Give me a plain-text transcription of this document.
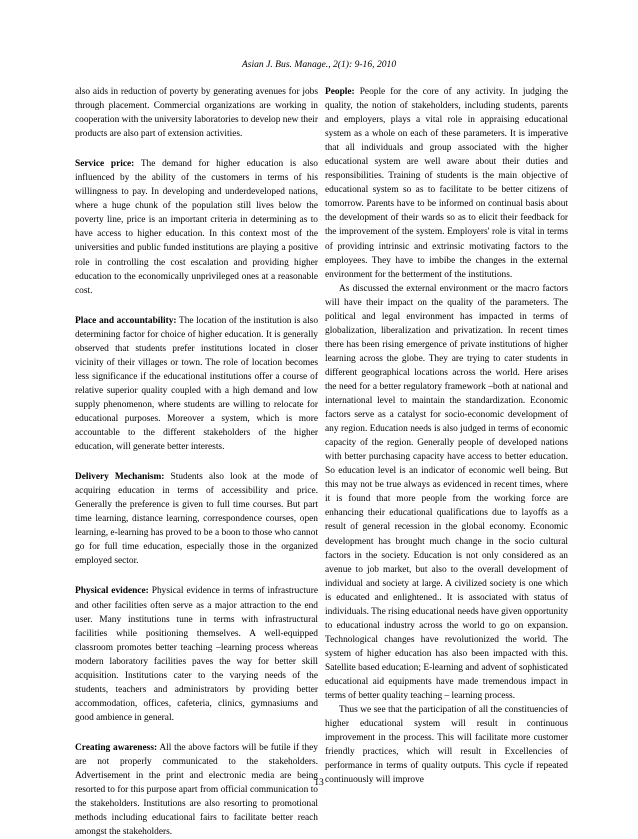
Asian J. Bus. Manage., 2(1): 9-16, 2010

also aids in reduction of poverty by generating avenues for jobs through placement. Commercial organizations are working in cooperation with the university laboratories to develop new their products are also part of extension activities.

Service price: The demand for higher education is also influenced by the ability of the customers in terms of his willingness to pay. In developing and underdeveloped nations, where a huge chunk of the population still lives below the poverty line, price is an important criteria in determining as to have access to higher education. In this context most of the universities and public funded institutions are playing a positive role in controlling the cost escalation and providing higher education to the economically unprivileged ones at a reasonable cost.

Place and accountability: The location of the institution is also determining factor for choice of higher education. It is generally observed that students prefer institutions located in closer vicinity of their villages or town. The role of location becomes less significance if the educational institutions offer a course of relative superior quality coupled with a high demand and low supply phenomenon, where students are willing to relocate for educational purposes. Moreover a system, which is more accountable to the different stakeholders of the higher education, will generate better interests.

Delivery Mechanism: Students also look at the mode of acquiring education in terms of accessibility and price. Generally the preference is given to full time courses. But part time learning, distance learning, correspondence courses, open learning, e-learning has proved to be a boon to those who cannot go for full time education, especially those in the organized employed sector.

Physical evidence: Physical evidence in terms of infrastructure and other facilities often serve as a major attraction to the end user. Many institutions tune in terms with infrastructural facilities while positioning themselves. A well-equipped classroom promotes better teaching –learning process whereas modern laboratory facilities paves the way for better skill acquisition. Institutions cater to the varying needs of the students, teachers and administrators by providing better accommodation, offices, cafeteria, clinics, gymnasiums and good ambience in general.

Creating awareness: All the above factors will be futile if they are not properly communicated to the stakeholders. Advertisement in the print and electronic media are being resorted to for this purpose apart from official communication to the stakeholders. Institutions are also resorting to promotional methods including educational fairs to facilitate better reach amongst the stakeholders.

People: People for the core of any activity. In judging the quality, the notion of stakeholders, including students, parents and employers, plays a vital role in appraising educational system as a whole on each of these parameters. It is imperative that all individuals and group associated with the higher educational system are well aware about their duties and responsibilities. Training of students is the main objective of educational system so as to facilitate to be better citizens of tomorrow. Parents have to be informed on continual basis about the development of their wards so as to elicit their feedback for the improvement of the system. Employers' role is vital in terms of providing intrinsic and extrinsic motivating factors to the employees. They have to imbibe the changes in the external environment for the betterment of the institutions.

As discussed the external environment or the macro factors will have their impact on the quality of the parameters. The political and legal environment has impacted in terms of globalization, liberalization and privatization. In recent times there has been rising emergence of private institutions of higher learning across the globe. They are trying to cater students in different geographical locations across the world. Here arises the need for a better regulatory framework –both at national and international level to maintain the standardization. Economic factors serve as a catalyst for socio-economic development of any region. Education needs is also judged in terms of economic capacity of the region. Generally people of developed nations with better purchasing capacity have access to better education. So education level is an indicator of economic well being. But this may not be true always as evidenced in recent times, where it is found that more people from the working force are enhancing their educational qualifications due to layoffs as a result of general recession in the global economy. Economic development has brought much change in the socio cultural factors in the society. Education is not only considered as an avenue to job market, but also to the overall development of individual and society at large. A civilized society is one which is educated and enlightened.. It is associated with status of individuals. The rising educational needs have given opportunity to educational industry across the world to go on expansion. Technological changes have revolutionized the world. The system of higher education has also been impacted with this. Satellite based education; E-learning and advent of sophisticated educational aid equipments have made tremendous impact in terms of better quality teaching – learning process.

Thus we see that the participation of all the constituencies of higher educational system will result in continuous improvement in the process. This will facilitate more customer friendly practices, which will result in Excellencies of performance in terms of quality outputs. This cycle if repeated continuously will improve

13
